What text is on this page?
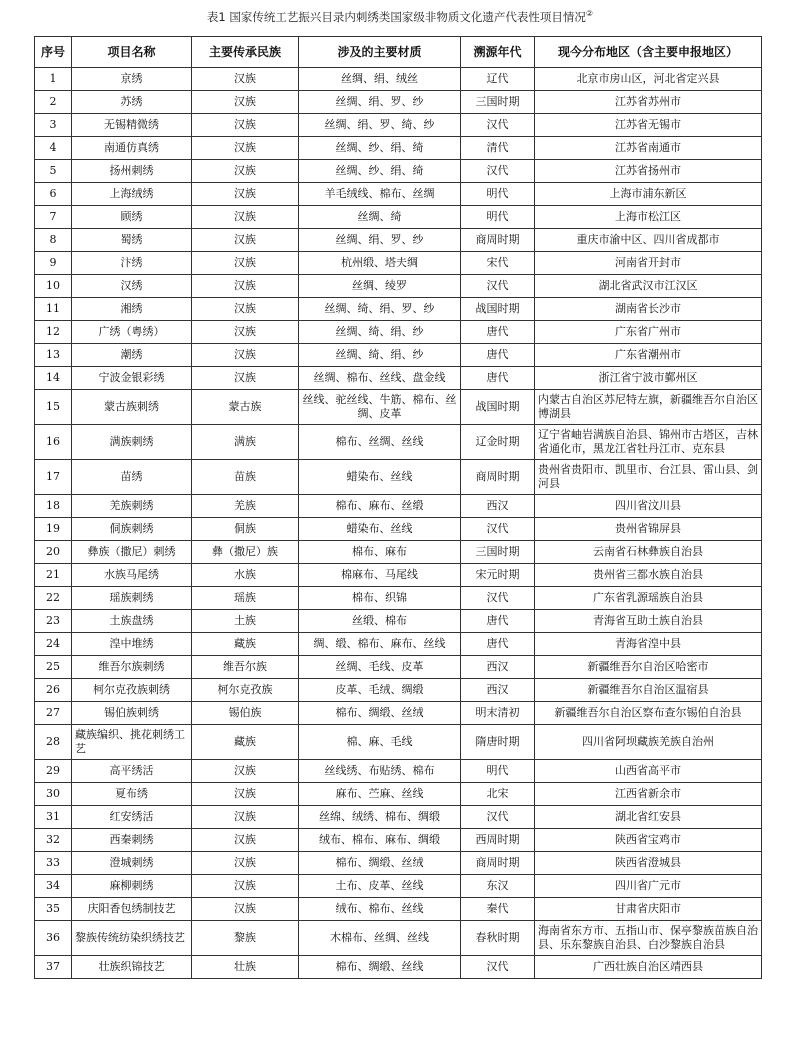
表1 国家传统工艺振兴目录内刺绣类国家级非物质文化遗产代表性项目情况②
序号	项目名称	主要传承民族	涉及的主要材质	溯源年代	现今分布地区（含主要申报地区）
1	京绣	汉族	丝绸、绢、绒丝	辽代	北京市房山区，河北省定兴县
2	苏绣	汉族	丝绸、绢、罗、纱	三国时期	江苏省苏州市
3	无锡精微绣	汉族	丝绸、绢、罗、绮、纱	汉代	江苏省无锡市
4	南通仿真绣	汉族	丝绸、纱、绢、绮	清代	江苏省南通市
5	扬州刺绣	汉族	丝绸、纱、绢、绮	汉代	江苏省扬州市
6	上海绒绣	汉族	羊毛绒线、棉布、丝绸	明代	上海市浦东新区
7	顾绣	汉族	丝绸、绮	明代	上海市松江区
8	蜀绣	汉族	丝绸、绢、罗、纱	商周时期	重庆市渝中区、四川省成都市
9	汴绣	汉族	杭州缎、塔夫绸	宋代	河南省开封市
10	汉绣	汉族	丝绸、绫罗	汉代	湖北省武汉市江汉区
11	湘绣	汉族	丝绸、绮、绢、罗、纱	战国时期	湖南省长沙市
12	广绣（粤绣）	汉族	丝绸、绮、绢、纱	唐代	广东省广州市
13	潮绣	汉族	丝绸、绮、绢、纱	唐代	广东省潮州市
14	宁波金银彩绣	汉族	丝绸、棉布、丝线、盘金线	唐代	浙江省宁波市鄞州区
15	蒙古族刺绣	蒙古族	丝线、驼丝线、牛筋、棉布、丝绸、皮革	战国时期	内蒙古自治区苏尼特左旗，新疆维吾尔自治区博湖县
16	满族刺绣	满族	棉布、丝绸、丝线	辽金时期	辽宁省岫岩满族自治县、锦州市古塔区，吉林省通化市，黑龙江省牡丹江市、克东县
17	苗绣	苗族	蜡染布、丝线	商周时期	贵州省贵阳市、凯里市、台江县、雷山县、剑河县
18	羌族刺绣	羌族	棉布、麻布、丝缎	西汉	四川省汶川县
19	侗族刺绣	侗族	蜡染布、丝线	汉代	贵州省锦屏县
20	彝族（撒尼）刺绣	彝（撒尼）族	棉布、麻布	三国时期	云南省石林彝族自治县
21	水族马尾绣	水族	棉麻布、马尾线	宋元时期	贵州省三都水族自治县
22	瑶族刺绣	瑶族	棉布、织锦	汉代	广东省乳源瑶族自治县
23	土族盘绣	土族	丝缎、棉布	唐代	青海省互助土族自治县
24	湟中堆绣	藏族	绸、缎、棉布、麻布、丝线	唐代	青海省湟中县
25	维吾尔族刺绣	维吾尔族	丝绸、毛线、皮革	西汉	新疆维吾尔自治区哈密市
26	柯尔克孜族刺绣	柯尔克孜族	皮革、毛绒、绸缎	西汉	新疆维吾尔自治区温宿县
27	锡伯族刺绣	锡伯族	棉布、绸缎、丝绒	明末清初	新疆维吾尔自治区察布查尔锡伯自治县
28	藏族编织、挑花刺绣工艺	藏族	棉、麻、毛线	隋唐时期	四川省阿坝藏族羌族自治州
29	高平绣活	汉族	丝线绣、布贴绣、棉布	明代	山西省高平市
30	夏布绣	汉族	麻布、苎麻、丝线	北宋	江西省新余市
31	红安绣活	汉族	丝绵、绒绣、棉布、绸缎	汉代	湖北省红安县
32	西秦刺绣	汉族	绒布、棉布、麻布、绸缎	西周时期	陕西省宝鸡市
33	澄城刺绣	汉族	棉布、绸缎、丝绒	商周时期	陕西省澄城县
34	麻柳刺绣	汉族	土布、皮革、丝线	东汉	四川省广元市
35	庆阳香包绣制技艺	汉族	绒布、棉布、丝线	秦代	甘肃省庆阳市
36	黎族传统纺染织绣技艺	黎族	木棉布、丝绸、丝线	春秋时期	海南省东方市、五指山市、保亭黎族苗族自治县、乐东黎族自治县、白沙黎族自治县
37	壮族织锦技艺	壮族	棉布、绸缎、丝线	汉代	广西壮族自治区靖西县
